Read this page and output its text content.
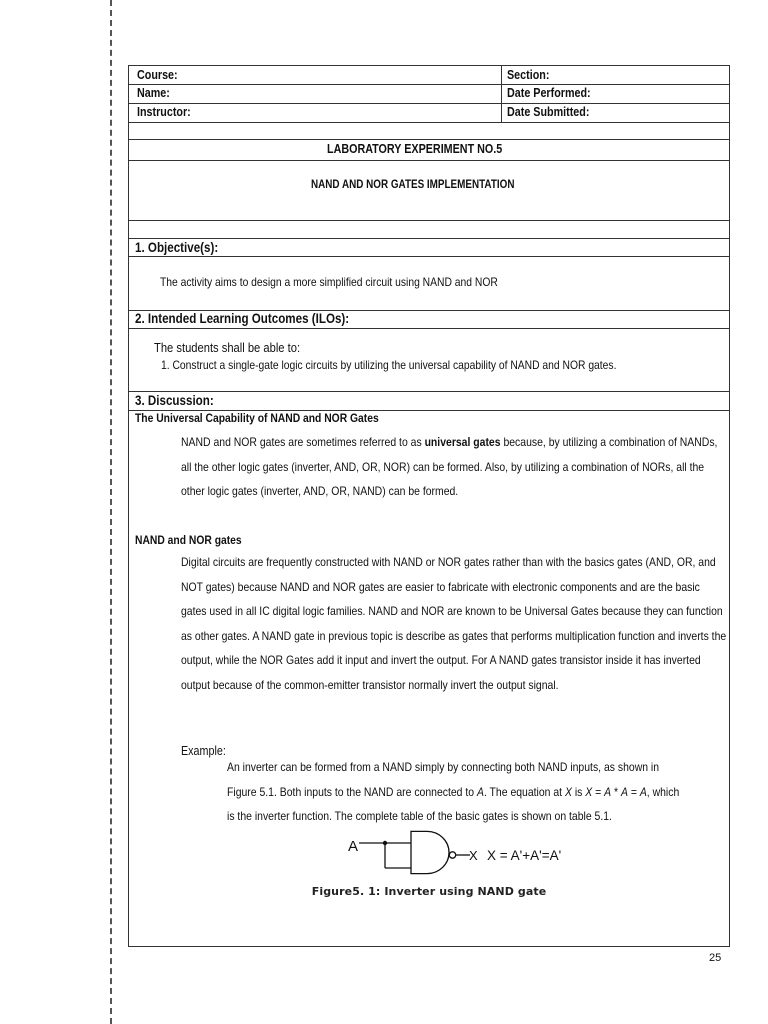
Course:	Section:
Name:	Date Performed:
Instructor:	Date Submitted:
LABORATORY EXPERIMENT NO.5
NAND AND NOR GATES IMPLEMENTATION
1. Objective(s):
The activity aims to design a more simplified circuit using NAND and NOR
2. Intended Learning Outcomes (ILOs):
The students shall be able to:
1. Construct a single-gate logic circuits by utilizing the universal capability of NAND and NOR gates.
3. Discussion:
The Universal Capability of NAND and NOR Gates
NAND and NOR gates are sometimes referred to as universal gates because, by utilizing a combination of NANDs, all the other logic gates (inverter, AND, OR, NOR) can be formed. Also, by utilizing a combination of NORs, all the other logic gates (inverter, AND, OR, NAND) can be formed.
NAND and NOR gates
Digital circuits are frequently constructed with NAND or NOR gates rather than with the basics gates (AND, OR, and NOT gates) because NAND and NOR gates are easier to fabricate with electronic components and are the basic gates used in all IC digital logic families. NAND and NOR are known to be Universal Gates because they can function as other gates. A NAND gate in previous topic is describe as gates that performs multiplication function and inverts the output, while the NOR Gates add it input and invert the output. For A NAND gates transistor inside it has inverted output because of the common-emitter transistor normally invert the output signal.
Example:
An inverter can be formed from a NAND simply by connecting both NAND inputs, as shown in
Figure 5.1. Both inputs to the NAND are connected to A. The equation at X is X = A * A = A, which
is the inverter function. The complete table of the basic gates is shown on table 5.1.
A
X X = A'+A'=A'
Figure5. 1: Inverter using NAND gate
25
